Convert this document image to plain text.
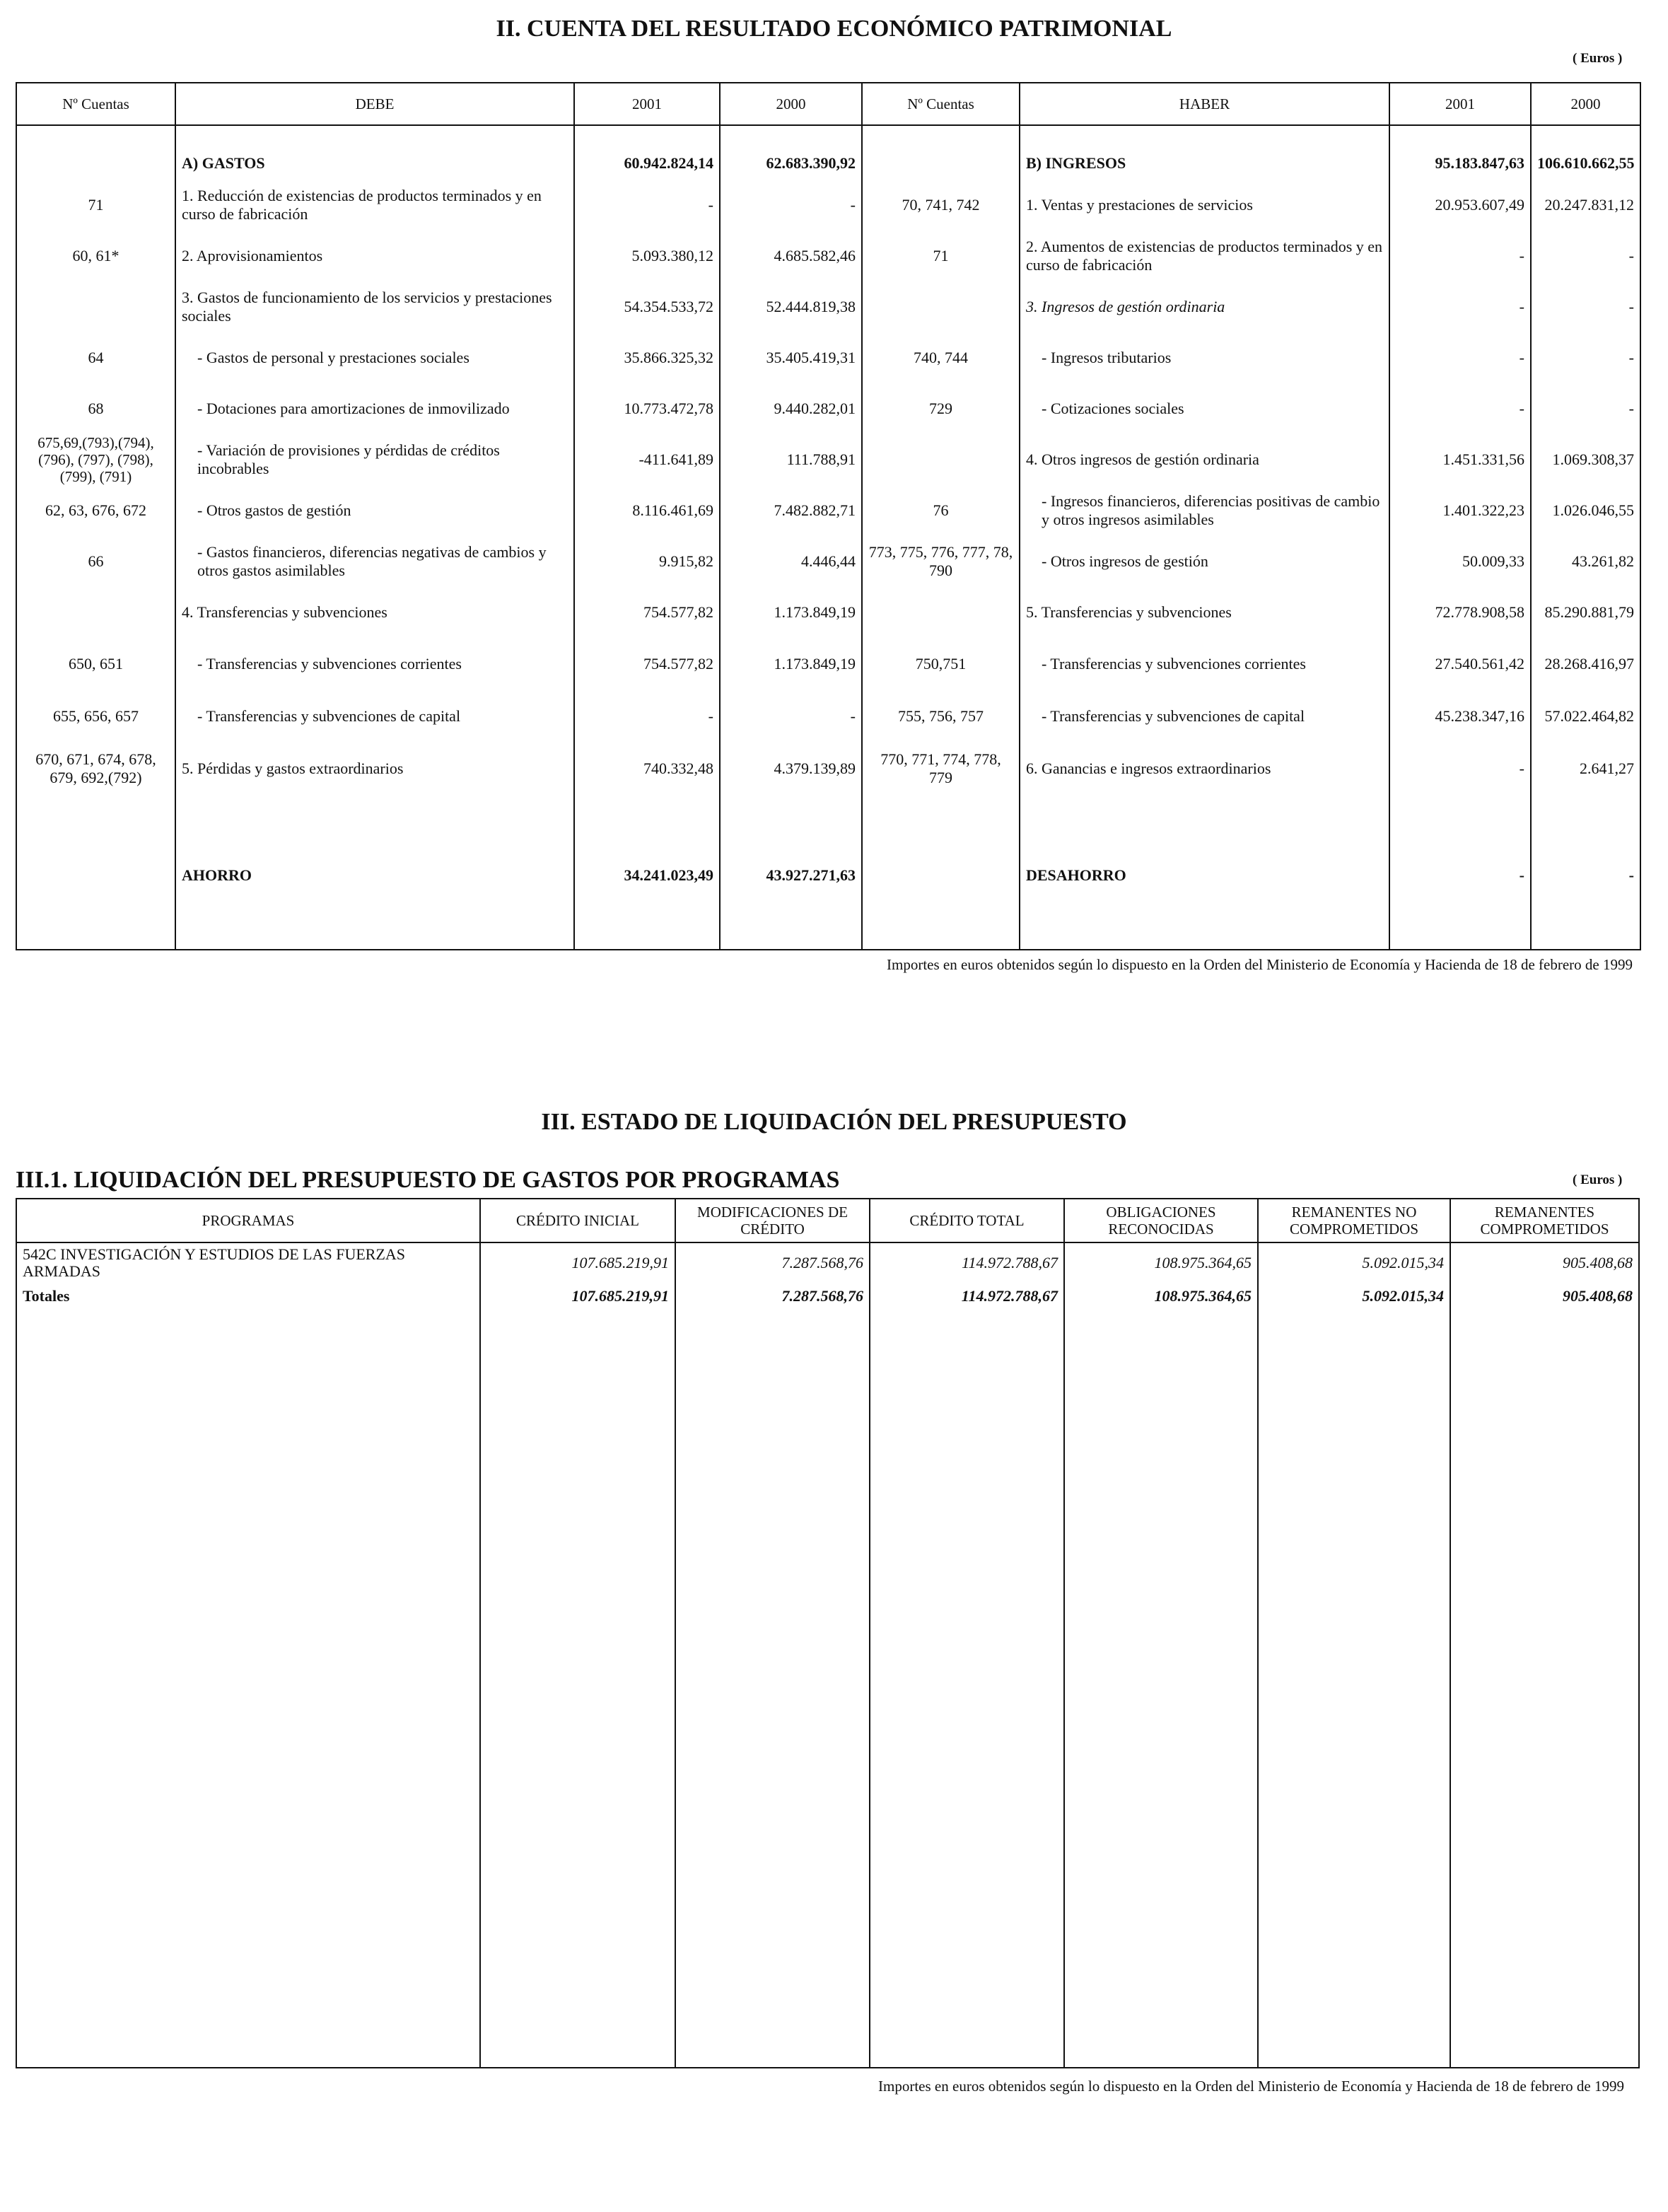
II. CUENTA DEL RESULTADO ECONÓMICO PATRIMONIAL
( Euros )
Nº Cuentas	DEBE	2001	2000	Nº Cuentas	HABER	2001	2000

	A) GASTOS	60.942.824,14	62.683.390,92		B) INGRESOS	95.183.847,63	106.610.662,55
71	1. Reducción de existencias de productos terminados y en curso de fabricación	-	-	70, 741, 742	1. Ventas y prestaciones de servicios	20.953.607,49	20.247.831,12
60, 61*	2. Aprovisionamientos	5.093.380,12	4.685.582,46	71	2. Aumentos de existencias de productos terminados y en curso de fabricación	-	-
	3. Gastos de funcionamiento de los servicios y prestaciones sociales	54.354.533,72	52.444.819,38		3. Ingresos de gestión ordinaria	-	-
64	- Gastos de personal y prestaciones sociales	35.866.325,32	35.405.419,31	740, 744	- Ingresos tributarios	-	-
68	- Dotaciones para amortizaciones de inmovilizado	10.773.472,78	9.440.282,01	729	- Cotizaciones sociales	-	-
675,69,(793),(794), (796), (797), (798), (799), (791)	- Variación de provisiones y pérdidas de créditos incobrables	-411.641,89	111.788,91		4. Otros ingresos de gestión ordinaria	1.451.331,56	1.069.308,37
62, 63, 676, 672	- Otros gastos de gestión	8.116.461,69	7.482.882,71	76	- Ingresos financieros, diferencias positivas de cambio y otros ingresos asimilables	1.401.322,23	1.026.046,55
66	- Gastos financieros, diferencias negativas de cambios y otros gastos asimilables	9.915,82	4.446,44	773, 775, 776, 777, 78, 790	- Otros ingresos de gestión	50.009,33	43.261,82
	4. Transferencias y subvenciones	754.577,82	1.173.849,19		5. Transferencias y subvenciones	72.778.908,58	85.290.881,79
650, 651	- Transferencias y subvenciones corrientes	754.577,82	1.173.849,19	750,751	- Transferencias y subvenciones corrientes	27.540.561,42	28.268.416,97
655, 656, 657	- Transferencias y subvenciones de capital	-	-	755, 756, 757	- Transferencias y subvenciones de capital	45.238.347,16	57.022.464,82
670, 671, 674, 678, 679, 692,(792)	5. Pérdidas y gastos extraordinarios	740.332,48	4.379.139,89	770, 771, 774, 778, 779	6. Ganancias e ingresos extraordinarios	-	2.641,27

	AHORRO	34.241.023,49	43.927.271,63		DESAHORRO	-	-

Importes en euros obtenidos según lo dispuesto en la Orden del Ministerio de Economía y Hacienda de 18 de febrero de 1999
III. ESTADO DE LIQUIDACIÓN DEL PRESUPUESTO
III.1. LIQUIDACIÓN DEL PRESUPUESTO DE GASTOS POR PROGRAMAS	( Euros )
PROGRAMAS	CRÉDITO INICIAL	MODIFICACIONES DE CRÉDITO	CRÉDITO TOTAL	OBLIGACIONES RECONOCIDAS	REMANENTES NO COMPROMETIDOS	REMANENTES COMPROMETIDOS
542C INVESTIGACIÓN Y ESTUDIOS DE LAS FUERZAS ARMADAS	107.685.219,91	7.287.568,76	114.972.788,67	108.975.364,65	5.092.015,34	905.408,68
Totales	107.685.219,91	7.287.568,76	114.972.788,67	108.975.364,65	5.092.015,34	905.408,68

Importes en euros obtenidos según lo dispuesto en la Orden del Ministerio de Economía y Hacienda de 18 de febrero de 1999
